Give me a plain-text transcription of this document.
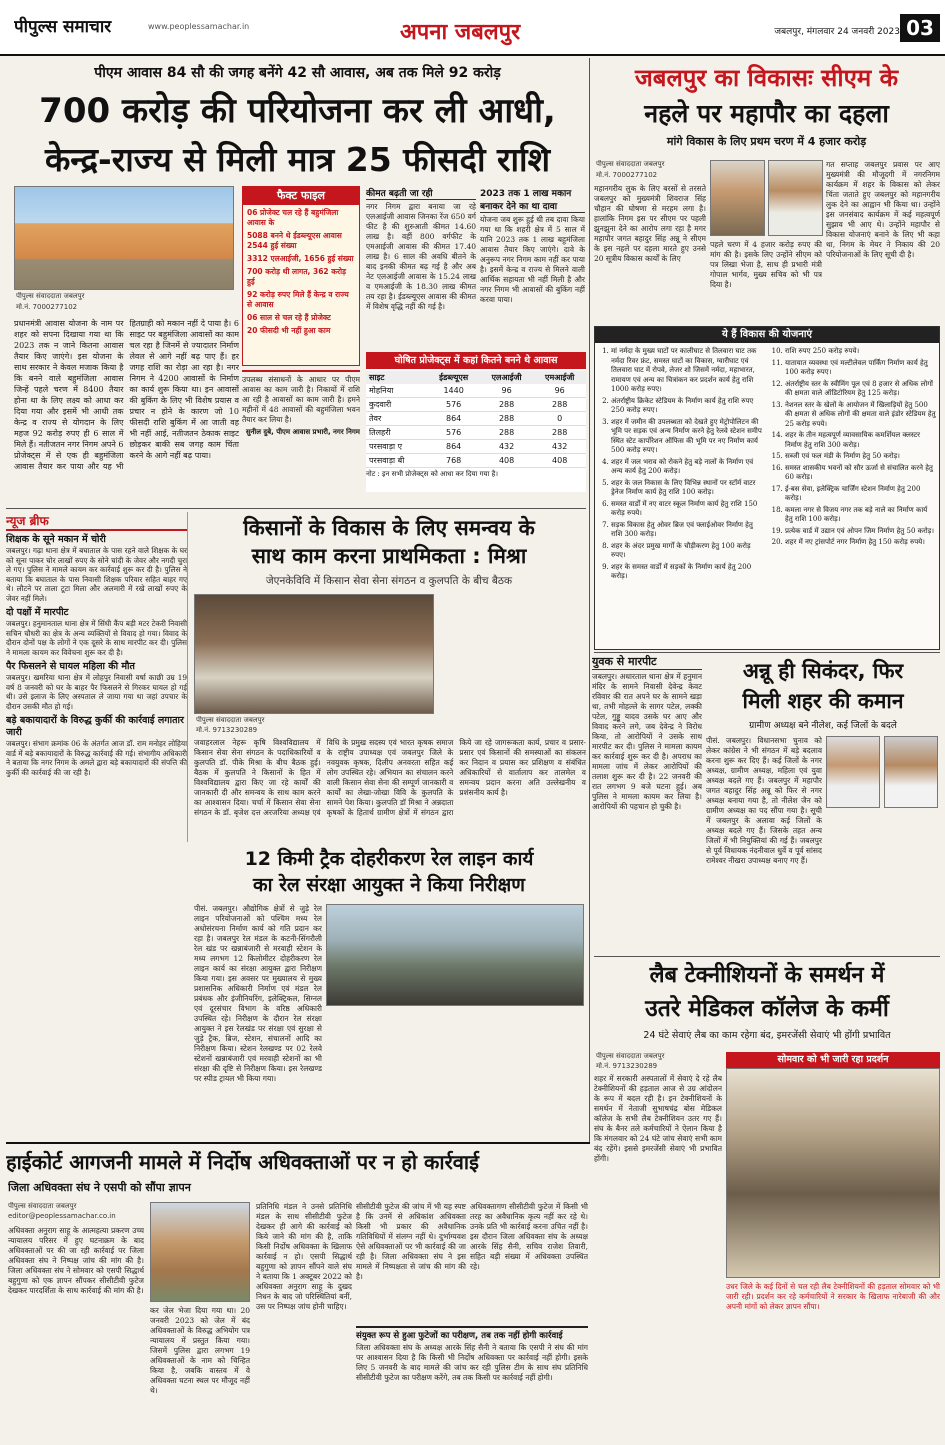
पीपुल्स समाचार	www.peoplessamachar.in	अपना जबलपुर	जबलपुर, मंगलवार 24 जनवरी 2023 03
पीएम आवास 84 सौ की जगह बनेंगे 42 सौ आवास, अब तक मिले 92 करोड़
700 करोड़ की परियोजना कर ली आधी,
केन्द्र-राज्य से मिली मात्र 25 फीसदी राशि
पीपुल्स संवाददाता जबलपुर
मो.नं. 7000277102
प्रधानमंत्री आवास योजना के नाम पर शहर को सपना दिखाया गया था कि 2023 तक न जाने कितना आवास तैयार किए जाएंगे। इस योजना के साथ सरकार ने केवल मजाक किया है कि बनने वाले बहुमंजिला आवास जिन्हें पहले चरण में 8400 तैयार होना था के लिए लक्ष्य को आधा कर दिया गया और इसमें भी आधी तक केन्द्र व राज्य से योगदान के लिए महज 92 करोड़ रुपए ही 6 साल में मिले हैं। नतीजतन नगर निगम अपने 6 प्रोजेक्ट्स में से एक ही बहुमंजिला आवास तैयार कर पाया और यह भी हितग्राही को मकान नहीं दे पाया है। 6 साइट पर बहुमंजिला आवासों का काम चल रहा है जिनमें से ज्यादातर निर्माण लेवल से आगे नहीं बढ़ पाए हैं। हर जगह राशि का रोड़ा आ रहा है। नगर निगम ने 4200 आवासों के निर्माण का कार्य शुरू किया था। इन आवासों की बुकिंग के लिए भी विशेष प्रयास व प्रचार न होने के कारण जो 10 फीसदी राशि बुकिंग में आ जाती वह भी नहीं आई, नतीजतन ठेकाक साइट छोड़कर बाकी सब जगह काम चिंता करने के आगे नहीं बढ़ पाया।
फैक्ट फाइल
06 प्रोजेक्ट चल रहे हैं बहुमंजिला आवास के
5088 बनने थे ईडब्ल्यूएस आवास 2544 हुई संख्या
3312 एलआईजी, 1656 हुई संख्या
700 करोड़ थी लागत, 362 करोड़ हुई
92 करोड़ रुपए मिले हैं केन्द्र व राज्य से आवास
06 साल से चल रहे हैं प्रोजेक्ट
20 फीसदी भी नहीं हुआ काम
उपलब्ध संसाधनों के आधार पर पीएम आवास का काम जारी है। निकायों में राशि आ रही है आवासों का काम जारी है। हमने महीनों में 48 आवासों की बहुमंजिला भवन तैयार कर लिया है।
सुनील दुबे, पीएम आवास प्रभारी, नगर निगम
कीमत बढ़ती जा रही
नगर निगम द्वारा बनाया जा रहे एलआईजी आवास जिनका रेंज 650 वर्ग फीट है की शुरुआती कीमत 14.60 लाख है। वहीं 800 वर्गफीट के एमआईजी आवास की कीमत 17.40 लाख है। 6 साल की अवधि बीतने के बाद इनकी कीमत बढ़ गई है और अब नेट एलआईजी आवास के 15.24 लाख व एमआईजी के 18.30 लाख कीमत तय रहा है। ईडब्ल्यूएस आवास की कीमत में विशेष वृद्धि नहीं की गई है।
2023 तक 1 लाख मकान बनाकर देने का था दावा
योजना जब शुरू हुई थी तब दावा किया गया था कि शहरी क्षेत्र में 5 साल में यानि 2023 तक 1 लाख बहुमंजिला आवास तैयार किए जाएंगे। दावे के अनुरूप नगर निगम काम नहीं कर पाया है। इसमें केन्द्र व राज्य से मिलने वाली आर्थिक सहायता भी नहीं मिली है और नगर निगम भी आवासों की बुकिंग नहीं करवा पाया।
घोषित प्रोजेक्ट्स में कहां कितने बनने थे आवास
साइट	ईडब्ल्यूएस	एलआईजी	एमआईजी
मोहनिया	1440	96	96
कुदवारी	576	288	288
तेवर	864	288	0
तिलहरी	576	288	288
परसवाड़ा ए	864	432	432
परसवाड़ा बी	768	408	408
नोट : इन सभी प्रोजेक्ट्स को आधा कर दिया गया है।
जबलपुर का विकासः सीएम के
नहले पर महापौर का दहला
मांगे विकास के लिए प्रथम चरण में 4 हजार करोड़
पीपुल्स संवाददाता जबलपुर
मो.नं. 7000277102
महानगरीय लुक के लिए बरसों से तरसते जबलपुर को मुख्यमंत्री शिवराज सिंह चौहान की घोषणा से मरहम लगा है। हालांकि निगम इस पर सीएम पर पहली झुनझुना देने का आरोप लगा रहा है मगर महापौर जगत बहादुर सिंह अन्नू ने सीएम के इस नहले पर दहला मारते हुए उनसे 20 सूत्रीय विकास कार्यों के लिए
पहले चरण में 4 हजार करोड़ रुपए की मांग की है। इसके लिए उन्होंने सीएम को पत्र लिखा भेजा है, साथ ही प्रभारी मंत्री गोपाल भार्गव, मुख्य सचिव को भी पत्र दिया है।
गत सप्ताह जबलपुर प्रवास पर आए मुख्यमंत्री की मौजूदगी में नगरनिगम कार्यक्रम में शहर के विकास को लेकर चिंता जताते हुए जबलपुर को महानगरीय लुक देने का आह्वान भी किया था। उन्होंने इस जनसंवाद कार्यक्रम में कई महत्वपूर्ण सुझाव भी आए थे। उन्होंने महापौर से विकास योजनाएं बनाने के लिए भी कहा था, निगम के मेयर ने निकाय की 20 परियोजनाओं के लिए सूची दी है।
ये हैं विकास की योजनाएं
1. मां नर्मदा के मुख्य घाटों पर कालीघाट से तिलवारा घाट तक नर्मदा रिवर फ्रंट, समस्त घाटों का विकास, ग्वारीघाट एवं तिलवारा घाट में रोपवे, लेजर शो जिसमें नर्मदा, महाभारत, रामायण एवं अन्य का चित्रांकन कर प्रदर्शन कार्य हेतु राशि 1000 करोड़ रुपए।
2. अंतर्राष्ट्रीय क्रिकेट स्टेडियम के निर्माण कार्य हेतु राशि रुपए 250 करोड़ रुपए।
3. शहर में जमीन की उपलब्धता को देखते हुए मेट्रोपोलिटन की भूमि पर सड़क एवं अन्य निर्माण करने हेतु रेलवे स्टेशन समीप स्थित स्टेट कार्पोरेशन ऑफिस की भूमि पर नए निर्माण कार्य 500 करोड़ रुपए।
4. शहर में जल भराव को रोकने हेतु बड़े नालों के निर्माण एवं अन्य कार्य हेतु 200 करोड़।
5. शहर के जल निकास के लिए विभिन्न स्थानों पर स्टॉर्म वाटर ड्रेनेज निर्माण कार्य हेतु राशि 100 करोड़।
6. समस्त वार्डों में नए वाटर स्कूल निर्माण कार्य हेतु राशि 150 करोड़ रुपये।
7. सड़क विकास हेतु ओवर ब्रिज एवं फ्लाईओवर निर्माण हेतु राशि 300 करोड़।
8. शहर के अंदर प्रमुख मार्गों के चौड़ीकरण हेतु 100 करोड़ रुपए।
9. शहर के समस्त वार्डों में सड़कों के निर्माण कार्य हेतु 200 करोड़।
10. राशि रुपए 250 करोड़ रुपये।
11. यातायात व्यवस्था एवं मल्टीलेवल पार्किंग निर्माण कार्य हेतु 100 करोड़ रुपए।
12. अंतर्राष्ट्रीय स्तर के स्वीमिंग पूल एवं 8 हजार से अधिक लोगों की क्षमता वाले ऑडिटोरियम हेतु 125 करोड़।
13. नेशनल स्तर के खेलों के आयोजन में खिलाड़ियों हेतु 500 की क्षमता से अधिक लोगों की क्षमता वाले इंडोर स्टेडियम हेतु 25 करोड़ रुपये।
14. शहर के तीन महत्वपूर्ण व्यावसायिक कमर्शियल क्लस्टर निर्माण हेतु राशि 300 करोड़।
15. सब्जी एवं फल मंडी के निर्माण हेतु 50 करोड़।
16. समस्त शासकीय भवनों को सौर ऊर्जा से संचालित करने हेतु 60 करोड़।
17. ई-बस सेवा, इलेक्ट्रिक चार्जिंग स्टेशन निर्माण हेतु 200 करोड़।
18. कमला नगर से विजय नगर तक बड़े नाले का निर्माण कार्य हेतु राशि 100 करोड़।
19. प्रत्येक वार्ड में उद्यान एवं ओपन जिम निर्माण हेतु 50 करोड़।
20. शहर में नए ट्रांसपोर्ट नगर निर्माण हेतु 150 करोड़ रुपये।
न्यूज ब्रीफ
शिक्षक के सूने मकान में चोरी
जबलपुर। गढ़ा थाना क्षेत्र में बघाताल के पास रहने वाले शिक्षक के घर को सूना पाकर चोर लाखों रुपए के सोने चांदी के जेवर और नगदी चुरा ले गए। पुलिस ने मामले कायम कर कार्रवाई शुरू कर दी है। पुलिस ने बताया कि बघाताल के पास निवासी शिक्षक परिवार सहित बाहर गए थे। लौटने पर ताला टूटा मिला और अलमारी में रखे लाखों रुपए के जेवर नहीं मिले।
दो पक्षों में मारपीट
जबलपुर। हनुमानताल थाना क्षेत्र में सिंधी कैंप बड़ी मटर टेकरी निवासी सचिन चौधरी का क्षेत्र के अन्य व्यक्तियों से विवाद हो गया। विवाद के दौरान दोनों पक्ष के लोगों ने एक दूसरे के साथ मारपीट कर दी। पुलिस ने मामला कायम कर विवेचना शुरू कर दी है।
पैर फिसलने से घायल महिला की मौत
जबलपुर। खमरिया थाना क्षेत्र में लोहपुर निवासी वर्षा काछी उम्र 19 वर्ष 8 जनवरी को घर के बाहर पैर फिसलने से गिरकर घायल हो गई थी। उसे इलाज के लिए अस्पताल ले जाया गया था जहां उपचार के दौरान उसकी मौत हो गई।
बड़े बकायादारों के विरुद्ध कुर्की की कार्रवाई लगातार जारी
जबलपुर। संभाग क्रमांक 06 के अंतर्गत आज डॉ. राम मनोहर लोहिया वार्ड में बड़े बकायादारों के विरुद्ध कार्रवाई की गई। संभागीय अधिकारी ने बताया कि नगर निगम के अमले द्वारा बड़े बकायादारों की संपत्ति की कुर्की की कार्रवाई की जा रही है।
किसानों के विकास के लिए समन्वय के
साथ काम करना प्राथमिकता : मिश्रा
जेएनकेविवि में किसान सेवा सेना संगठन व कुलपति के बीच बैठक
पीपुल्स संवाददाता जबलपुर
मो.नं. 9713230289
जवाहरलाल नेहरू कृषि विश्वविद्यालय में किसान सेवा सेना संगठन के पदाधिकारियों व कुलपति डॉ. पीके मिश्रा के बीच बैठक हुई। बैठक में कुलपति ने किसानों के हित में विश्वविद्यालय द्वारा किए जा रहे कार्यों की जानकारी दी और समन्वय के साथ काम करने का आश्वासन दिया। चर्चा में किसान सेवा सेना संगठन के डॉ. बृजेश दत्त अरजरिया अध्यक्ष एवं विधि के प्रमुख सदस्य एवं भारत कृषक समाज के राष्ट्रीय उपाध्यक्ष एवं जबलपुर जिले के नवयुवक कृषक, दिलीप अनवरता सहित कई लोग उपस्थित रहे। अभियान का संचालन करने वाली किसान सेवा सेना की सम्पूर्ण जानकारी व कार्यों का लेखा-जोखा विवि के कुलपति के सामने पेश किया। कुलपति डॉ मिश्रा ने अन्नदाता कृषकों के हितार्थ ग्रामीण क्षेत्रों में संगठन द्वारा किये जा रहे जागरूकता कार्य, प्रचार व प्रसार-प्रसार एवं किसानों की समस्याओं का संकलन कर निदान व प्रयास कर प्रशिक्षण व संबंधित अधिकारियों से वार्तालाप कर तालमेल व समन्वय प्रदान करना अति उल्लेखनीय व प्रशंसनीय कार्य है।
12 किमी ट्रैक दोहरीकरण रेल लाइन कार्य
का रेल संरक्षा आयुक्त ने किया निरीक्षण
पीसं. जबलपुर। औद्योगिक क्षेत्रों से जुड़े रेल लाइन परियोजनाओं को पश्चिम मध्य रेल अधोसंरचना निर्माण कार्य को गति प्रदान कर रहा है। जबलपुर रेल मंडल के कटनी-सिंगरौली रेल खंड पर खन्नाबंजारी से मरवाही स्टेशन के मध्य लगभग 12 किलोमीटर दोहरीकरण रेल लाइन कार्य का संरक्षा आयुक्त द्वारा निरीक्षण किया गया। इस अवसर पर मुख्यालय से मुख्य प्रशासनिक अधिकारी निर्माण एवं मंडल रेल प्रबंधक और इंजीनियरिंग, इलेक्ट्रिकल, सिग्नल एवं दूरसंचार विभाग के वरिष्ठ अधिकारी उपस्थित रहे। निरीक्षण के दौरान रेल संरक्षा आयुक्त ने इस रेलखंड पर संरक्षा एवं सुरक्षा से जुड़े ट्रैक, ब्रिज, स्टेशन, संचालनों आदि का निरीक्षण किया। स्टेशन रेलखण्ड पर 02 रेलवे स्टेशनों खन्नाबंजारी एवं मरवाही स्टेशनों का भी संरक्षा की दृष्टि से निरीक्षण किया। इस रेलखण्ड पर स्पीड ट्रायल भी किया गया।
युवक से मारपीट
जबलपुर। अधारताल थाना क्षेत्र में हनुमान मंदिर के सामने निवासी देवेन्द्र केवट रविवार की रात अपने घर के सामने खड़ा था, तभी मोहल्ले के सागर पटेल, लक्की पटेल, गुड्डू यादव उसके घर आए और विवाद करने लगे, जब देवेन्द्र ने विरोध किया, तो आरोपियों ने उसके साथ मारपीट कर दी। पुलिस ने मामला कायम कर कार्रवाई शुरू कर दी है। अपराध का मामला जांच में लेकर आरोपियों की तलाश शुरू कर दी है। 22 जनवरी की रात लगभग 9 बजे घटना हुई। अब पुलिस ने मामला कायम कर लिया है। आरोपियों की पहचान हो चुकी है।
अन्नू ही सिकंदर, फिर
मिली शहर की कमान
ग्रामीण अध्यक्ष बने नीलेश, कई जिलों के बदले
पीसं. जबलपुर। विधानसभा चुनाव को लेकर कांग्रेस ने भी संगठन में बड़े बदलाव करना शुरू कर दिए हैं। कई जिलों के नगर अध्यक्ष, ग्रामीण अध्यक्ष, महिला एवं युवा अध्यक्ष बदले गए हैं। जबलपुर में महापौर जगत बहादुर सिंह अन्नू को फिर से नगर अध्यक्ष बनाया गया है, तो नीलेश जैन को ग्रामीण अध्यक्ष का पद सौंपा गया है। सूची में जबलपुर के अलावा कई जिलों के अध्यक्ष बदले गए हैं। जिसके तहत अन्य जिलों में भी नियुक्तियां की गई हैं। जबलपुर से पूर्व विधायक नंदनीवाल धुर्वे व पूर्व सांसद रामेश्वर नीखरा उपाध्यक्ष बनाए गए हैं।
लैब टेक्नीशियनों के समर्थन में
उतरे मेडिकल कॉलेज के कर्मी
24 घंटे सेवाएं लैब का काम रहेगा बंद, इमरजेंसी सेवाएं भी होंगी प्रभावित
पीपुल्स संवाददाता जबलपुर
मो.नं. 9713230289
शहर में सरकारी अस्पतालों में सेवाएं दे रहे लैब टेक्नीशियनों की हड़ताल आज से उग्र आंदोलन के रूप में बदल रही है। इन टेक्नीशियनों के समर्थन में नेताजी सुभाषचंद्र बोस मेडिकल कॉलेज के सभी लैब टेक्नीशियन उतर गए हैं। संघ के बैनर तले कर्मचारियों ने ऐलान किया है कि मंगलवार को 24 घंटे जांच सेवाएं सभी काम बंद रहेंगे। इससे इमरजेंसी सेवाएं भी प्रभावित होंगी।
सोमवार को भी जारी रहा प्रदर्शन
उधर जिले के कई दिनों से चल रही लैब टेक्नीशियनों की हड़ताल सोमवार को भी जारी रही। प्रदर्शन कर रहे कर्मचारियों ने सरकार के खिलाफ नारेबाजी की और अपनी मांगों को लेकर ज्ञापन सौंपा।
हाईकोर्ट आगजनी मामले में निर्दोष अधिवक्ताओं पर न हो कार्रवाई
जिला अधिवक्ता संघ ने एसपी को सौंपा ज्ञापन
पीपुल्स संवाददाता जबलपुर
editor@peoplessamachar.co.in
अधिवक्ता अनुराग साहू के आत्महत्या प्रकरण उच्च न्यायालय परिसर में हुए घटनाक्रम के बाद अधिवक्ताओं पर की जा रही कार्रवाई पर जिला अधिवक्ता संघ ने निष्पक्ष जांच की मांग की है। जिला अधिवक्ता संघ ने सोमवार को एसपी सिद्धार्थ बहुगुणा को एक ज्ञापन सौंपकर सीसीटीवी फुटेज देखकर पारदर्शिता के साथ कार्रवाई की मांग की है।
प्रतिनिधि मंडल ने उनसे प्रतिनिधि मंडल के साथ सीसीटीवी फुटेज देखकर ही आगे की कार्रवाई को किये जाने की मांग की है, ताकि किसी निर्दोष अधिवक्ता के खिलाफ कार्रवाई न हो। एसपी सिद्धार्थ बहुगुणा को ज्ञापन सौंपने वाले संघ ने बताया कि 1 अक्टूबर 2022 को अधिवक्ता अनुराग साहू के दुखद निधन के बाद जो परिस्थितियां बनीं, उस पर निष्पक्ष जांच होनी चाहिए।
सीसीटीवी फुटेज की जांच में भी यह स्पष्ट है कि उनमें से अधिकांश अधिवक्ता किसी भी प्रकार की अवैधानिक गतिविधियों में संलग्न नहीं थे। दुर्भाग्यवश ऐसे अधिवक्ताओं पर भी कार्रवाई की जा रही है। जिला अधिवक्ता संघ ने इस मामले में निष्पक्षता से जांच की मांग की है।
अधिवक्तागण सीसीटीवी फुटेज में किसी भी तरह का अवैधानिक कृत्य नहीं कर रहे थे। उनके प्रति भी कार्रवाई करना उचित नहीं है। इस दौरान जिला अधिवक्ता संघ के अध्यक्ष आरके सिंह सैनी, सचिव राजेश तिवारी, सहित बड़ी संख्या में अधिवक्ता उपस्थित रहे।
कर जेल भेजा दिया गया था। 20 जनवरी 2023 को जेल में बंद अधिवक्ताओं के विरुद्ध अभियोग पत्र न्यायालय में प्रस्तुत किया गया। जिसमें पुलिस द्वारा लगभग 19 अधिवक्ताओं के नाम को चिन्हित किया है, जबकि वास्तव में वे अधिवक्ता घटना स्थल पर मौजूद नहीं थे।
संयुक्त रूप से हुआ फुटेजों का परीक्षण, तब तक नहीं होगी कार्रवाई
जिला अधिवक्ता संघ के अध्यक्ष आरके सिंह सैनी ने बताया कि एसपी ने संघ की मांग पर आश्वासन दिया है कि किसी भी निर्दोष अधिवक्ता पर कार्रवाई नहीं होगी। इसके लिए 5 जनवरी के बाद मामले की जांच कर रही पुलिस टीम के साथ संघ प्रतिनिधि सीसीटीवी फुटेज का परीक्षण करेंगे, तब तक किसी पर कार्रवाई नहीं होगी।
